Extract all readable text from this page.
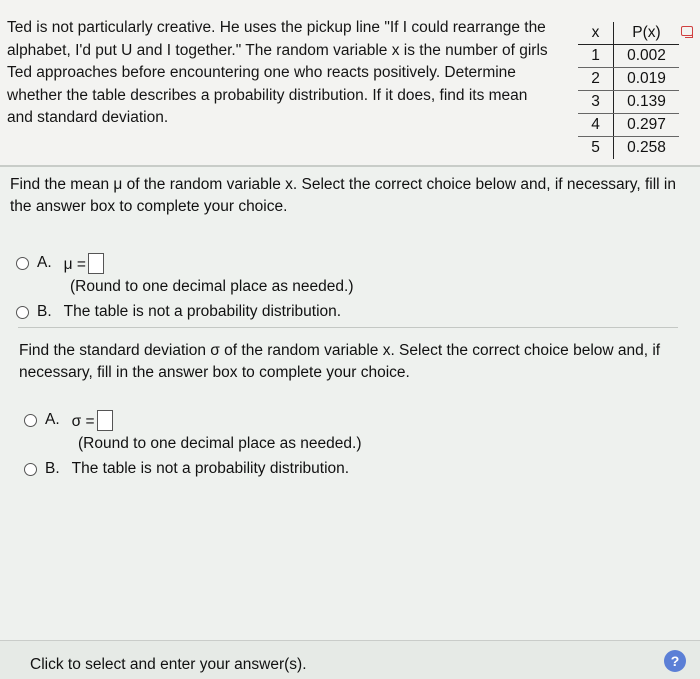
Ted is not particularly creative. He uses the pickup line "If I could rearrange the alphabet, I'd put U and I together." The random variable x is the number of girls Ted approaches before encountering one who reacts positively. Determine whether the table describes a probability distribution. If it does, find its mean and standard deviation.
x	P(x)
1	0.002
2	0.019
3	0.139
4	0.297
5	0.258
Find the mean μ of the random variable x. Select the correct choice below and, if necessary, fill in the answer box to complete your choice.
A. μ =
(Round to one decimal place as needed.)
B. The table is not a probability distribution.
Find the standard deviation σ of the random variable x. Select the correct choice below and, if necessary, fill in the answer box to complete your choice.
A. σ =
(Round to one decimal place as needed.)
B. The table is not a probability distribution.
Click to select and enter your answer(s).	?
